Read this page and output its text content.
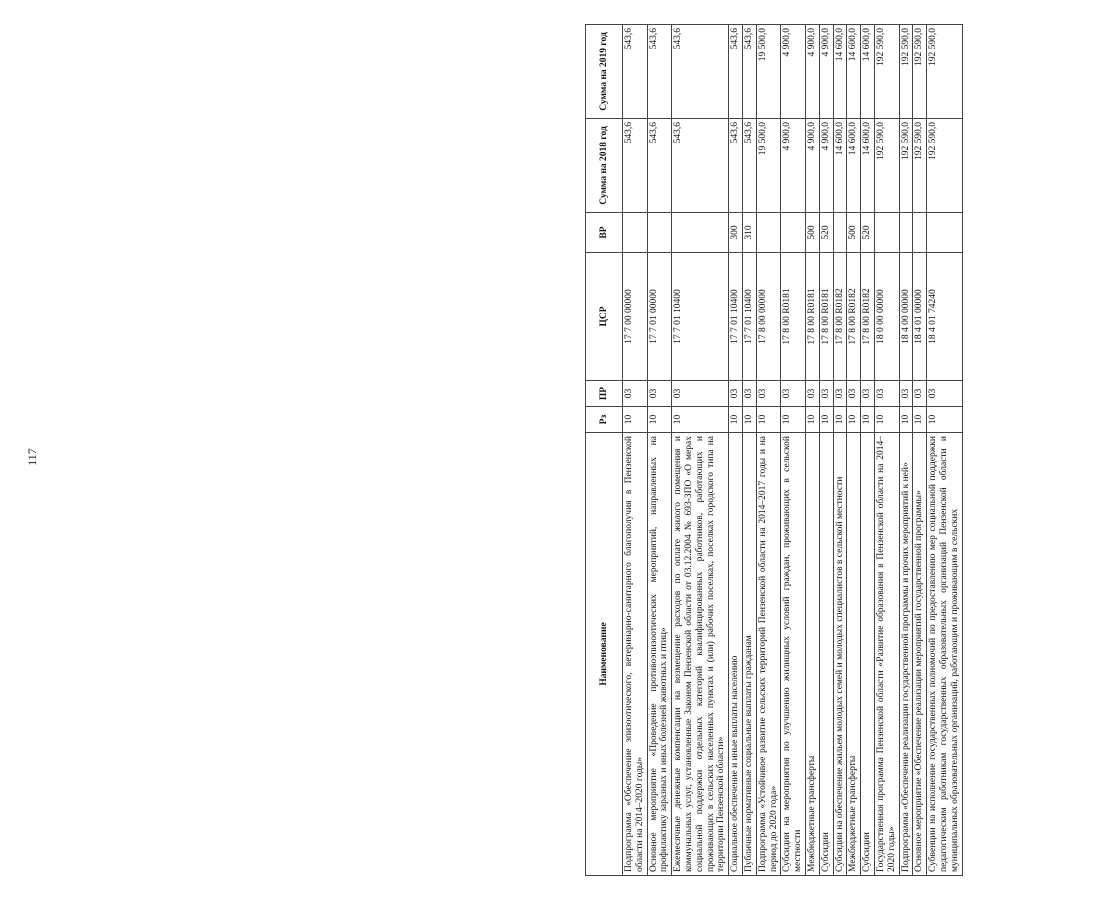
117
Наименование	Рз	ПР	ЦСР	ВР	Сумма на 2018 год	Сумма на 2019 год
Подпрограмма «Обеспечение эпизоотического, ветеринарно-санитарного благополучия в Пензенской области на 2014–2020 годы»	10	03	17 7 00 00000		543,6	543,6
Основное мероприятие «Проведение противоэпизоотических мероприятий, направленных на профилактику заразных и иных болезней животных и птиц»	10	03	17 7 01 00000		543,6	543,6
Ежемесячные денежные компенсации на возмещение расходов по оплате жилого помещения и коммунальных услуг, установленные Законом Пензенской области от 03.12.2004 № 693-ЗПО «О мерах социальной поддержки отдельных категорий квалифицированных работников, работающих и проживающих в сельских населенных пунктах и (или) рабочих поселках, поселках городского типа на территории Пензенской области»	10	03	17 7 01 10400		543,6	543,6
Социальное обеспечение и иные выплаты населению	10	03	17 7 01 10400	300	543,6	543,6
Публичные нормативные социальные выплаты гражданам	10	03	17 7 01 10400	310	543,6	543,6
Подпрограмма «Устойчивое развитие сельских территорий Пензенской области на 2014–2017 годы и на период до 2020 года»	10	03	17 8 00 00000		19 500,0	19 500,0
Субсидии на мероприятия по улучшению жилищных условий граждан, проживающих в сельской местности	10	03	17 8 00 R0181		4 900,0	4 900,0
Межбюджетные трансферты	10	03	17 8 00 R0181	500	4 900,0	4 900,0
Субсидии	10	03	17 8 00 R0181	520	4 900,0	4 900,0
Субсидии на обеспечение жильем молодых семей и молодых специалистов в сельской местности	10	03	17 8 00 R0182		14 600,0	14 600,0
Межбюджетные трансферты	10	03	17 8 00 R0182	500	14 600,0	14 600,0
Субсидии	10	03	17 8 00 R0182	520	14 600,0	14 600,0
Государственная программа Пензенской области «Развитие образования в Пензенской области на 2014–2020 годы»	10	03	18 0 00 00000		192 590,0	192 590,0
Подпрограмма «Обеспечение реализации государственной программы и прочих мероприятий к ней»	10	03	18 4 00 00000		192 590,0	192 590,0
Основное мероприятие «Обеспечение реализации мероприятий государственной программы»	10	03	18 4 01 00000		192 590,0	192 590,0
Субвенции на исполнение государственных полномочий по предоставлению мер социальной поддержки педагогическим работникам государственных образовательных организаций Пензенской области и муниципальных образовательных организаций, работающим и проживающим в сельских	10	03	18 4 01 74240		192 590,0	192 590,0
